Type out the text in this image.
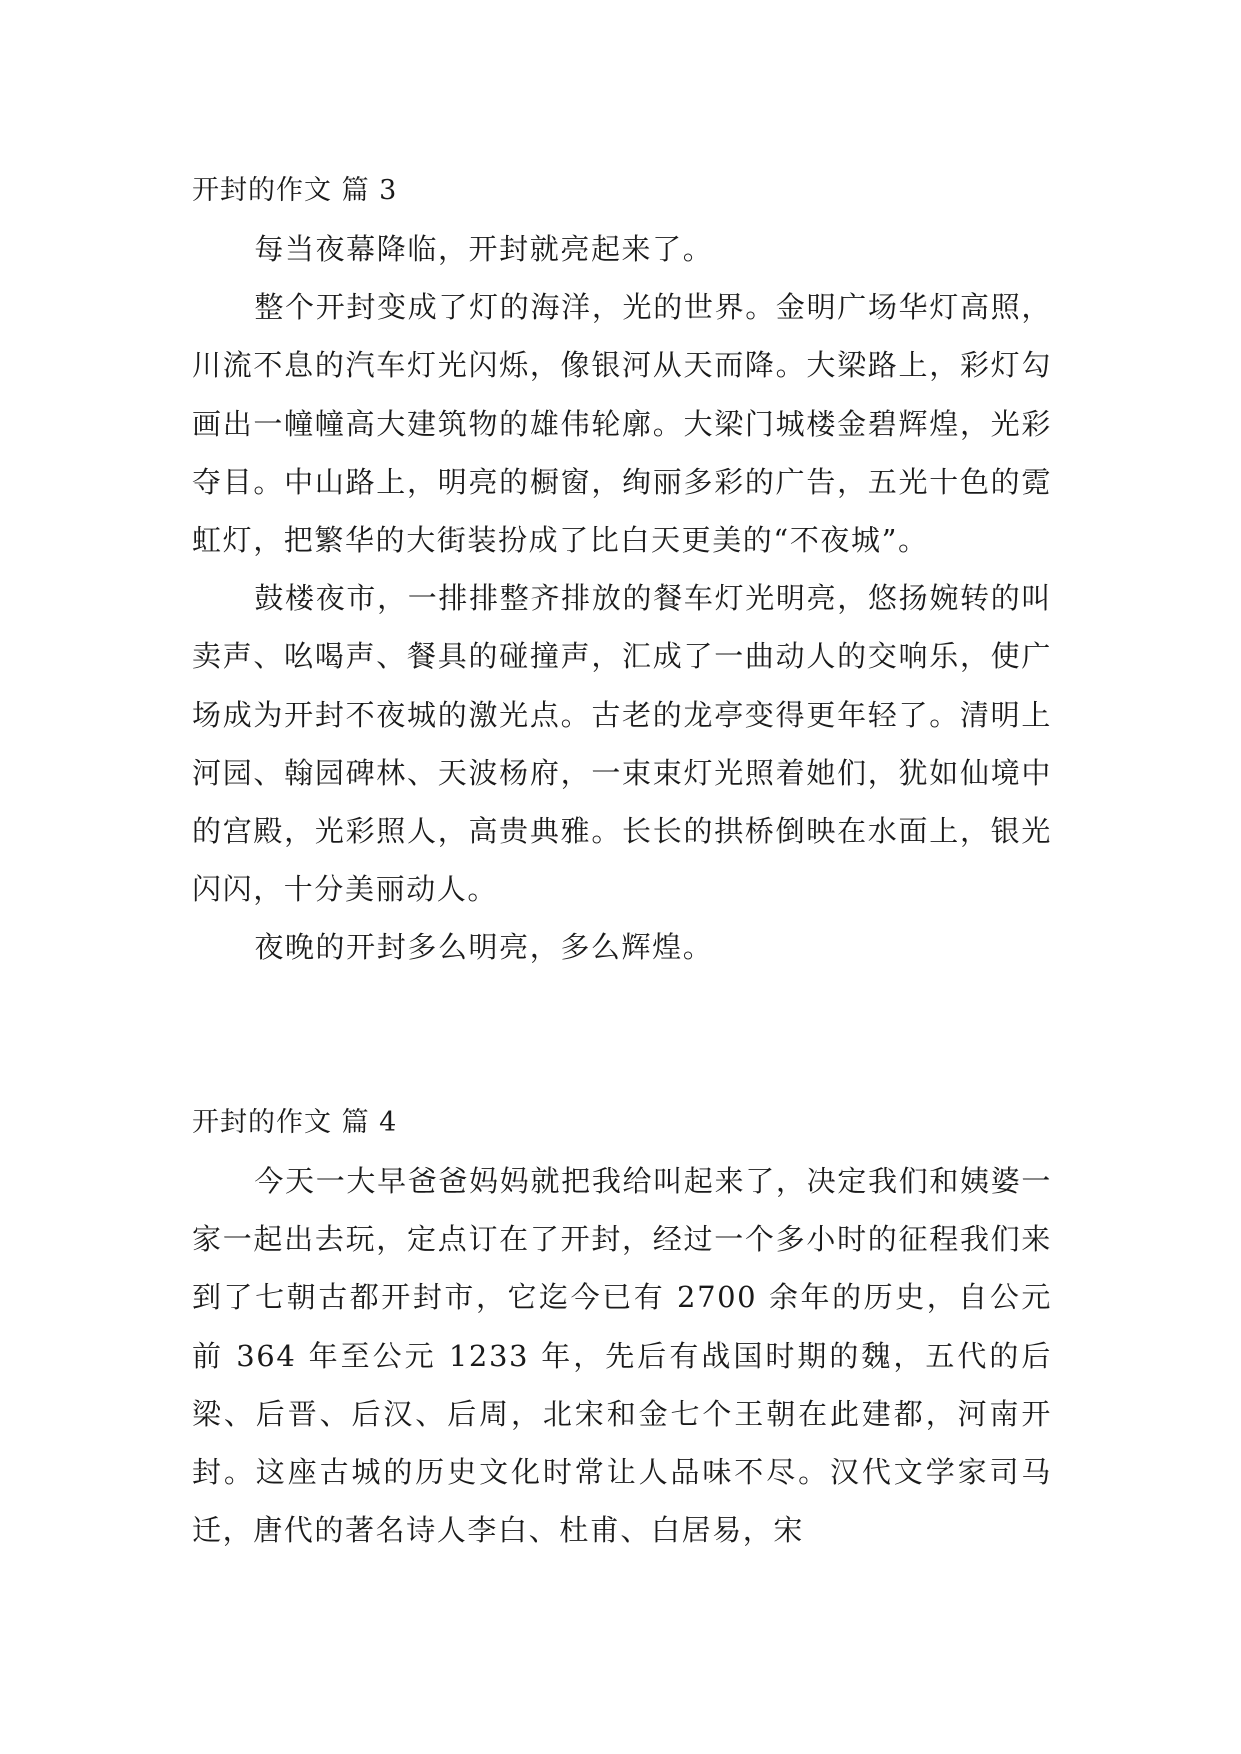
开封的作文 篇 3

每当夜幕降临，开封就亮起来了。

整个开封变成了灯的海洋，光的世界。金明广场华灯高照，川流不息的汽车灯光闪烁，像银河从天而降。大梁路上，彩灯勾画出一幢幢高大建筑物的雄伟轮廓。大梁门城楼金碧辉煌，光彩夺目。中山路上，明亮的橱窗，绚丽多彩的广告，五光十色的霓虹灯，把繁华的大街装扮成了比白天更美的“不夜城”。

鼓楼夜市，一排排整齐排放的餐车灯光明亮，悠扬婉转的叫卖声、吆喝声、餐具的碰撞声，汇成了一曲动人的交响乐，使广场成为开封不夜城的激光点。古老的龙亭变得更年轻了。清明上河园、翰园碑林、天波杨府，一束束灯光照着她们，犹如仙境中的宫殿，光彩照人，高贵典雅。长长的拱桥倒映在水面上，银光闪闪，十分美丽动人。

夜晚的开封多么明亮，多么辉煌。

开封的作文 篇 4

今天一大早爸爸妈妈就把我给叫起来了，决定我们和姨婆一家一起出去玩，定点订在了开封，经过一个多小时的征程我们来到了七朝古都开封市，它迄今已有 2700 余年的历史，自公元前 364 年至公元 1233 年，先后有战国时期的魏，五代的后梁、后晋、后汉、后周，北宋和金七个王朝在此建都，河南开封。这座古城的历史文化时常让人品味不尽。汉代文学家司马迁，唐代的著名诗人李白、杜甫、白居易，宋
